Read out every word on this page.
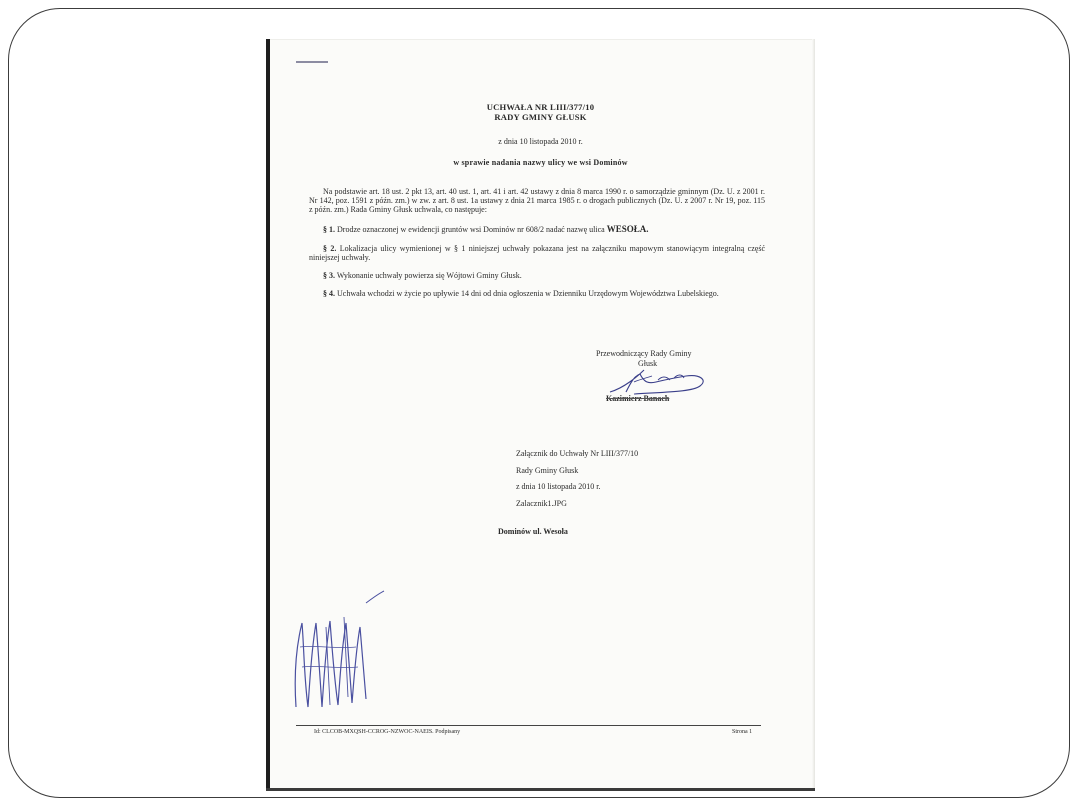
UCHWAŁA NR LIII/377/10
RADY GMINY GŁUSK
z dnia 10 listopada 2010 r.
w sprawie nadania nazwy ulicy we wsi Dominów
Na podstawie art. 18 ust. 2 pkt 13, art. 40 ust. 1, art. 41 i art. 42 ustawy z dnia 8 marca 1990 r. o samorządzie gminnym (Dz. U. z 2001 r. Nr 142, poz. 1591 z późn. zm.) w zw. z art. 8 ust. 1a ustawy z dnia 21 marca 1985 r. o drogach publicznych (Dz. U. z 2007 r. Nr 19, poz. 115 z późn. zm.) Rada Gminy Głusk uchwala, co następuje:
§ 1. Drodze oznaczonej w ewidencji gruntów wsi Dominów nr 608/2 nadać nazwę ulica WESOŁA.
§ 2. Lokalizacja ulicy wymienionej w § 1 niniejszej uchwały pokazana jest na załączniku mapowym stanowiącym integralną część niniejszej uchwały.
§ 3. Wykonanie uchwały powierza się Wójtowi Gminy Głusk.
§ 4. Uchwała wchodzi w życie po upływie 14 dni od dnia ogłoszenia w Dzienniku Urzędowym Województwa Lubelskiego.
Przewodniczący Rady Gminy
Głusk
Kazimierz Banach
Załącznik do Uchwały Nr LIII/377/10
Rady Gminy Głusk
z dnia 10 listopada 2010 r.
Zalacznik1.JPG
Dominów ul. Wesoła
Id: CLCOB-MXQSH-CCROG-NZWOC-NAEIS. Podpisany	Strona 1
